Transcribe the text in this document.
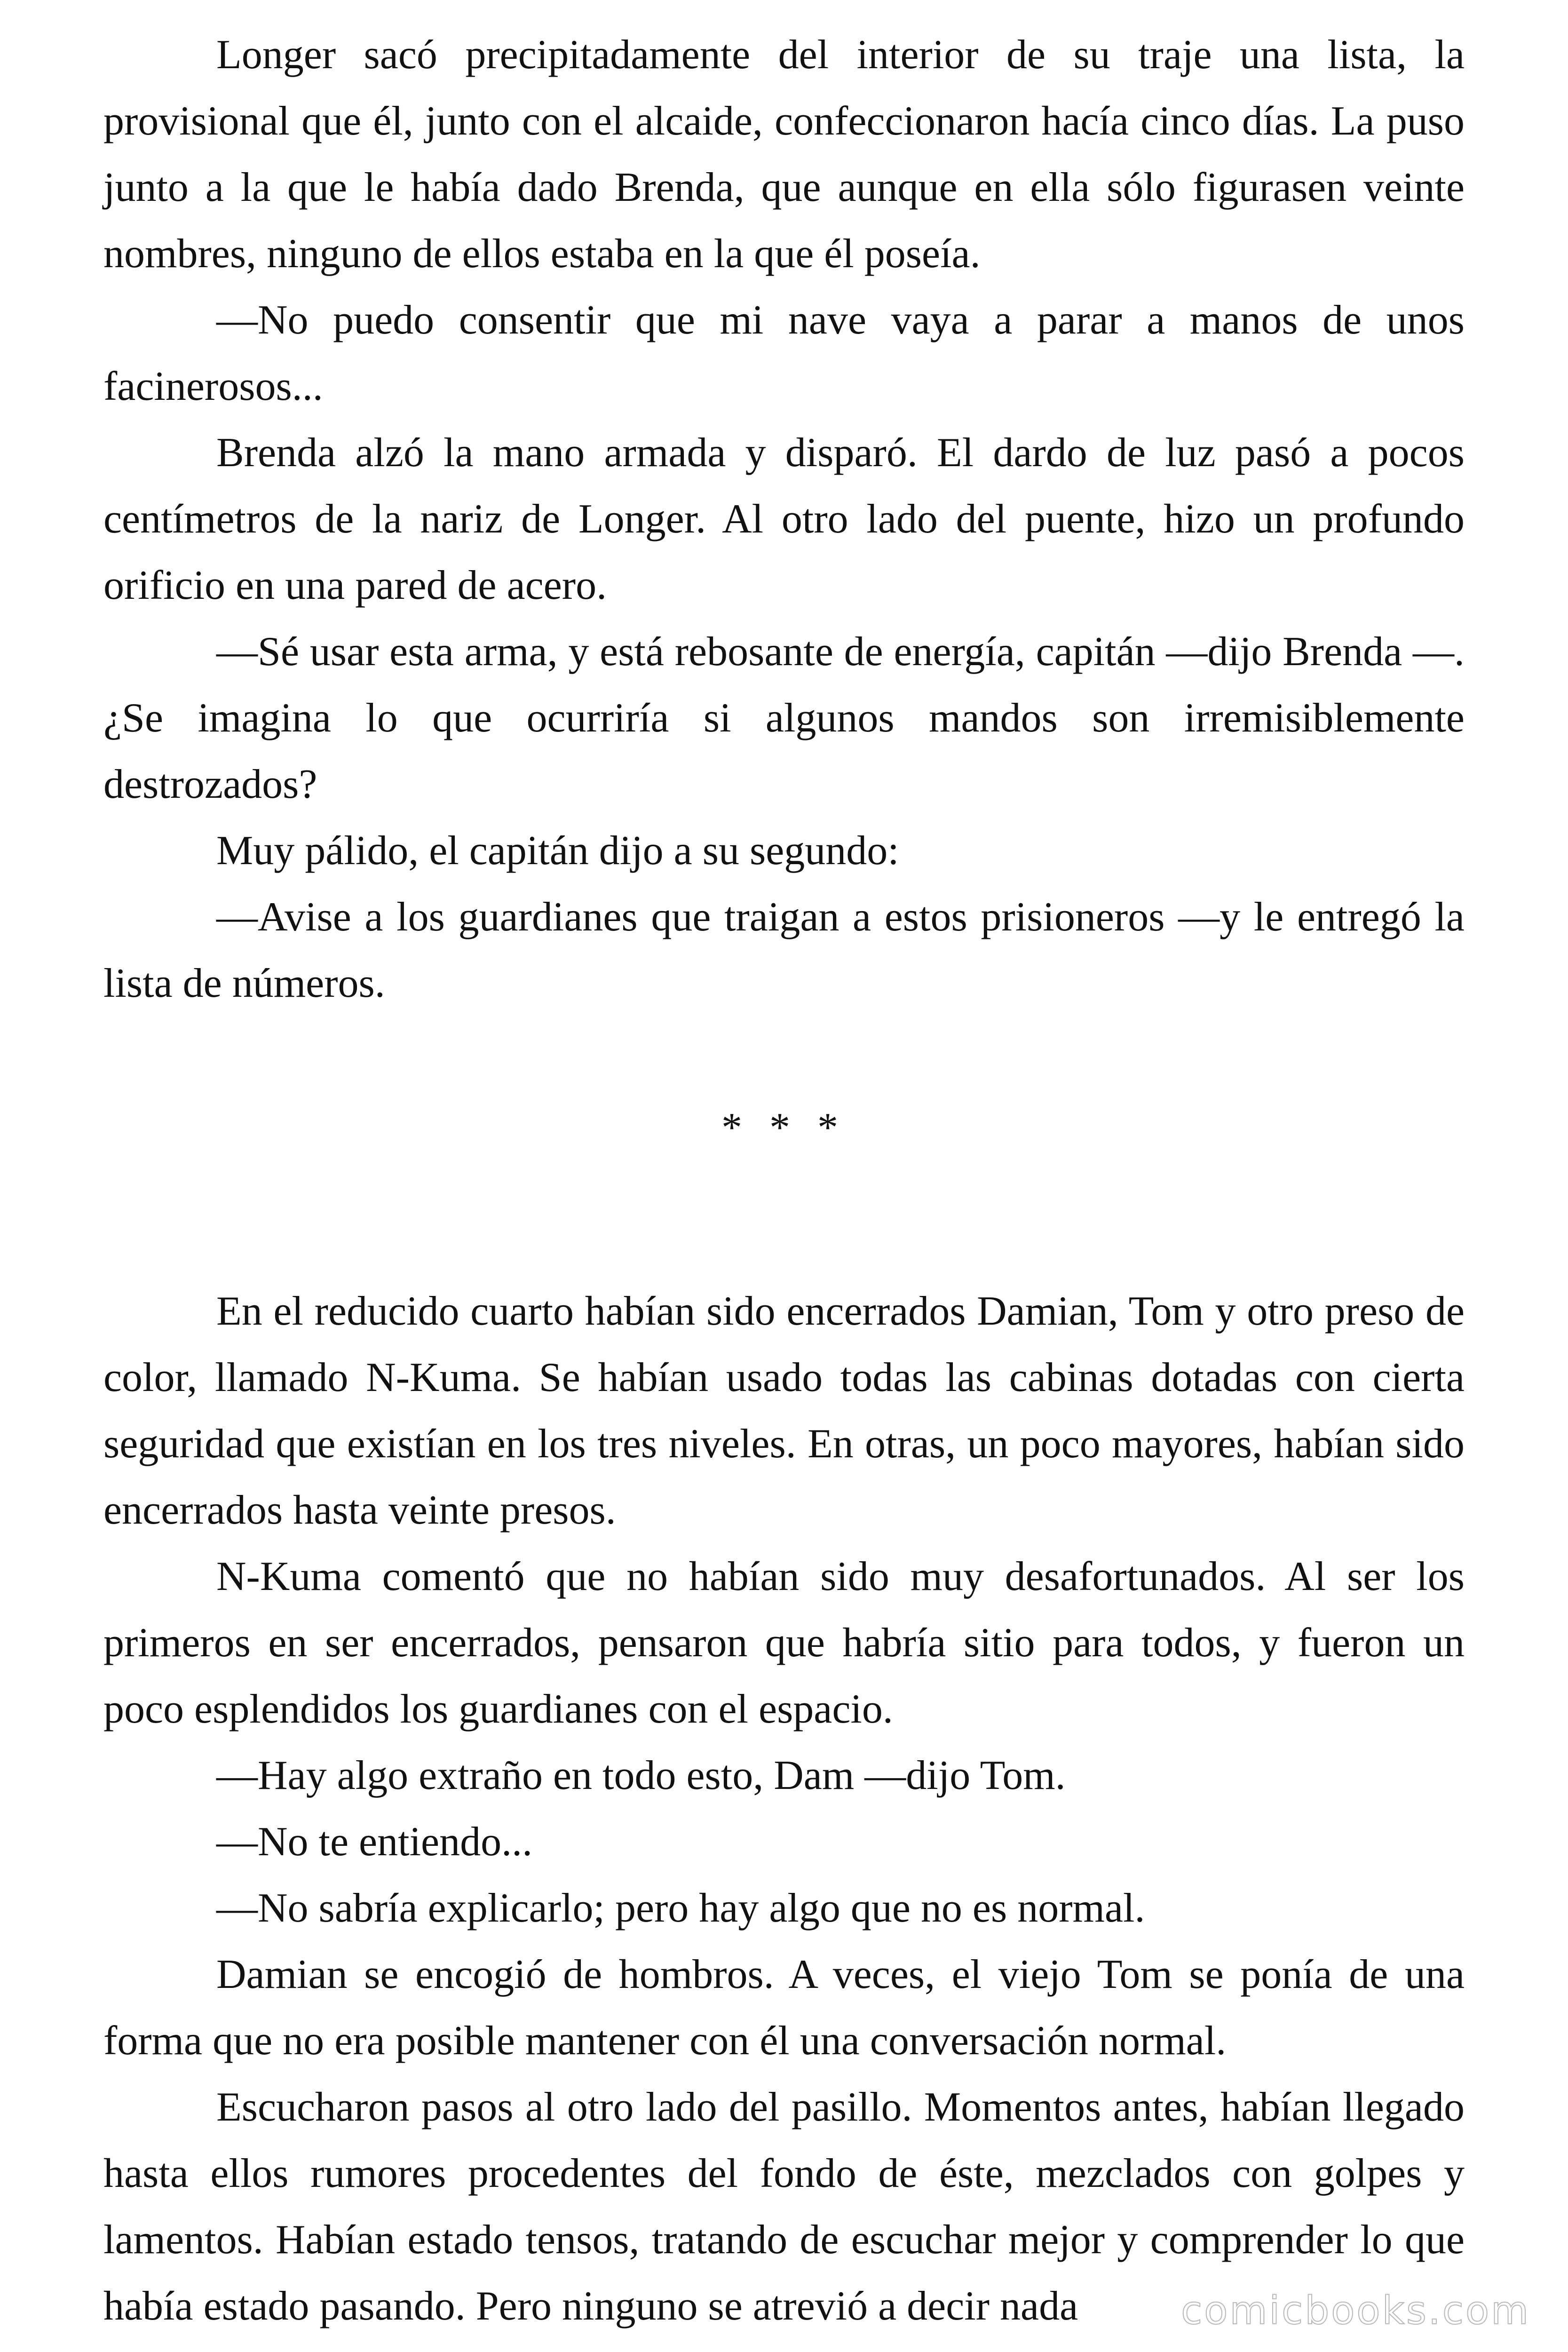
Longer sacó precipitadamente del interior de su traje una lista, la provisional que él, junto con el alcaide, confeccionaron hacía cinco días. La puso junto a la que le había dado Brenda, que aunque en ella sólo figurasen veinte nombres, ninguno de ellos estaba en la que él poseía.

—No puedo consentir que mi nave vaya a parar a manos de unos facinerosos...

Brenda alzó la mano armada y disparó. El dardo de luz pasó a pocos centímetros de la nariz de Longer. Al otro lado del puente, hizo un profundo orificio en una pared de acero.

—Sé usar esta arma, y está rebosante de energía, capitán —dijo Brenda —. ¿Se imagina lo que ocurriría si algunos mandos son irremisiblemente destrozados?

Muy pálido, el capitán dijo a su segundo:

—Avise a los guardianes que traigan a estos prisioneros —y le entregó la lista de números.

* * *

En el reducido cuarto habían sido encerrados Damian, Tom y otro preso de color, llamado N-Kuma. Se habían usado todas las cabinas dotadas con cierta seguridad que existían en los tres niveles. En otras, un poco mayores, habían sido encerrados hasta veinte presos.

N-Kuma comentó que no habían sido muy desafortunados. Al ser los primeros en ser encerrados, pensaron que habría sitio para todos, y fueron un poco esplendidos los guardianes con el espacio.

—Hay algo extraño en todo esto, Dam —dijo Tom.

—No te entiendo...

—No sabría explicarlo; pero hay algo que no es normal.

Damian se encogió de hombros. A veces, el viejo Tom se ponía de una forma que no era posible mantener con él una conversación normal.

Escucharon pasos al otro lado del pasillo. Momentos antes, habían llegado hasta ellos rumores procedentes del fondo de éste, mezclados con golpes y lamentos. Habían estado tensos, tratando de escuchar mejor y comprender lo que había estado pasando. Pero ninguno se atrevió a decir nada	comicbooks.com
